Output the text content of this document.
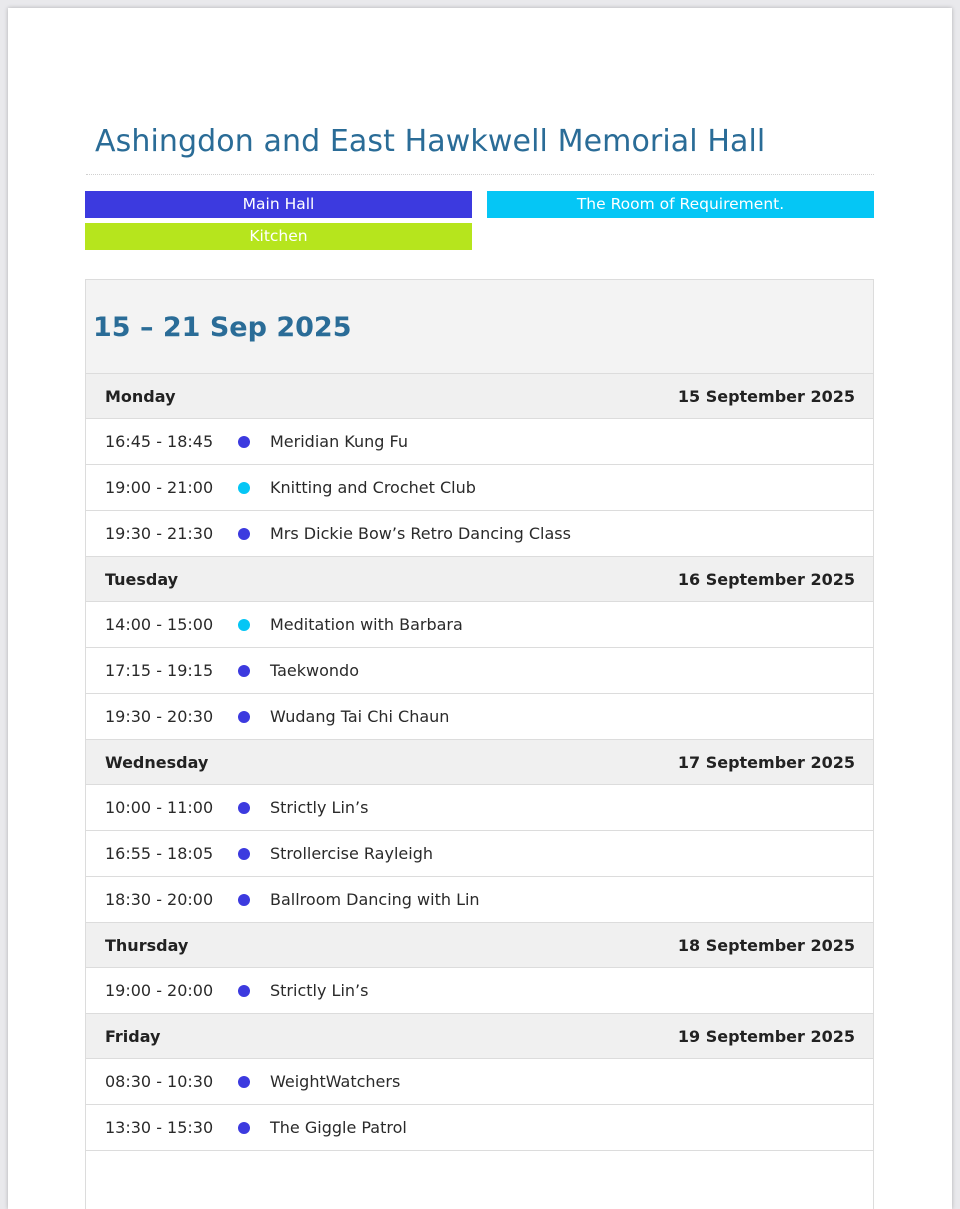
Ashingdon and East Hawkwell Memorial Hall
Main Hall	The Room of Requirement.
Kitchen
15 – 21 Sep 2025
Monday	15 September 2025
16:45 - 18:45	Meridian Kung Fu
19:00 - 21:00	Knitting and Crochet Club
19:30 - 21:30	Mrs Dickie Bow’s Retro Dancing Class
Tuesday	16 September 2025
14:00 - 15:00	Meditation with Barbara
17:15 - 19:15	Taekwondo
19:30 - 20:30	Wudang Tai Chi Chaun
Wednesday	17 September 2025
10:00 - 11:00	Strictly Lin’s
16:55 - 18:05	Strollercise Rayleigh
18:30 - 20:00	Ballroom Dancing with Lin
Thursday	18 September 2025
19:00 - 20:00	Strictly Lin’s
Friday	19 September 2025
08:30 - 10:30	WeightWatchers
13:30 - 15:30	The Giggle Patrol
